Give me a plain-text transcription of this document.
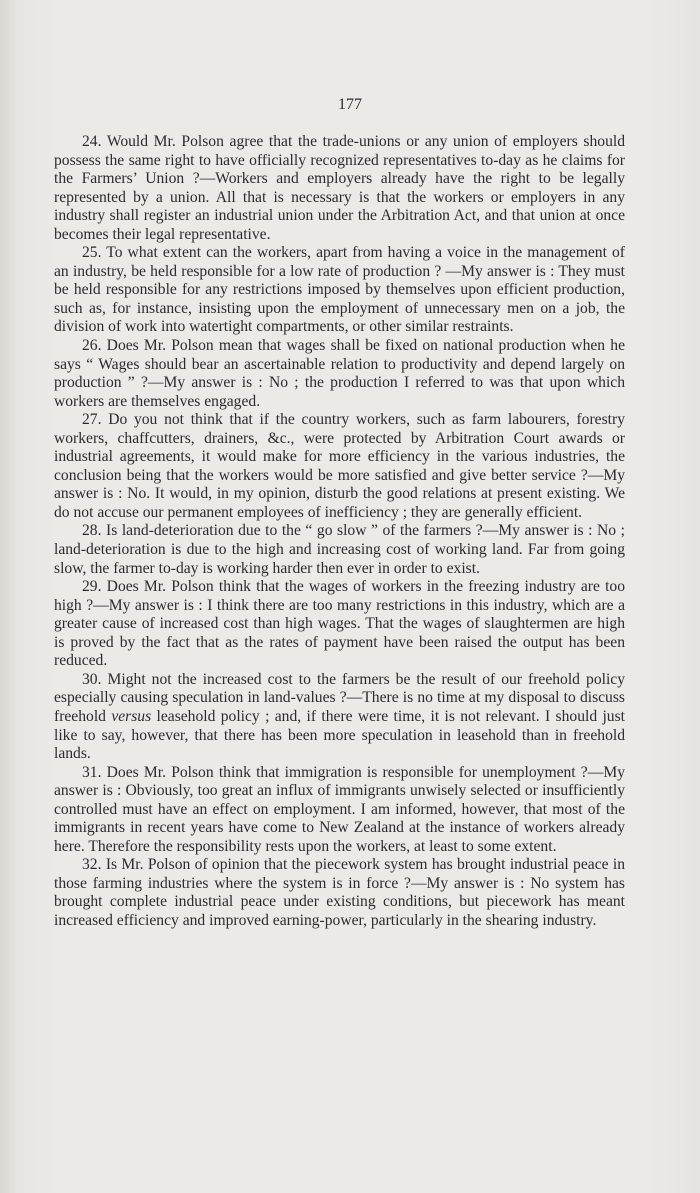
177

24. Would Mr. Polson agree that the trade-unions or any union of employers should possess the same right to have officially recognized representatives to-day as he claims for the Farmers’ Union ?—Workers and employers already have the right to be legally represented by a union. All that is necessary is that the workers or employers in any industry shall register an industrial union under the Arbitration Act, and that union at once becomes their legal representative.

25. To what extent can the workers, apart from having a voice in the management of an industry, be held responsible for a low rate of production ? —My answer is : They must be held responsible for any restrictions imposed by themselves upon efficient production, such as, for instance, insisting upon the employment of unnecessary men on a job, the division of work into watertight compartments, or other similar restraints.

26. Does Mr. Polson mean that wages shall be fixed on national production when he says “ Wages should bear an ascertainable relation to productivity and depend largely on production ” ?—My answer is : No ; the production I referred to was that upon which workers are themselves engaged.

27. Do you not think that if the country workers, such as farm labourers, forestry workers, chaffcutters, drainers, &c., were protected by Arbitration Court awards or industrial agreements, it would make for more efficiency in the various industries, the conclusion being that the workers would be more satisfied and give better service ?—My answer is : No. It would, in my opinion, disturb the good relations at present existing. We do not accuse our permanent employees of inefficiency ; they are generally efficient.

28. Is land-deterioration due to the “ go slow ” of the farmers ?—My answer is : No ; land-deterioration is due to the high and increasing cost of working land. Far from going slow, the farmer to-day is working harder then ever in order to exist.

29. Does Mr. Polson think that the wages of workers in the freezing industry are too high ?—My answer is : I think there are too many restrictions in this industry, which are a greater cause of increased cost than high wages. That the wages of slaughtermen are high is proved by the fact that as the rates of payment have been raised the output has been reduced.

30. Might not the increased cost to the farmers be the result of our freehold policy especially causing speculation in land-values ?—There is no time at my disposal to discuss freehold versus leasehold policy ; and, if there were time, it is not relevant. I should just like to say, however, that there has been more speculation in leasehold than in freehold lands.

31. Does Mr. Polson think that immigration is responsible for unemployment ?—My answer is : Obviously, too great an influx of immigrants unwisely selected or insufficiently controlled must have an effect on employment. I am informed, however, that most of the immigrants in recent years have come to New Zealand at the instance of workers already here. Therefore the responsibility rests upon the workers, at least to some extent.

32. Is Mr. Polson of opinion that the piecework system has brought industrial peace in those farming industries where the system is in force ?—My answer is : No system has brought complete industrial peace under existing conditions, but piecework has meant increased efficiency and improved earning-power, particularly in the shearing industry.
